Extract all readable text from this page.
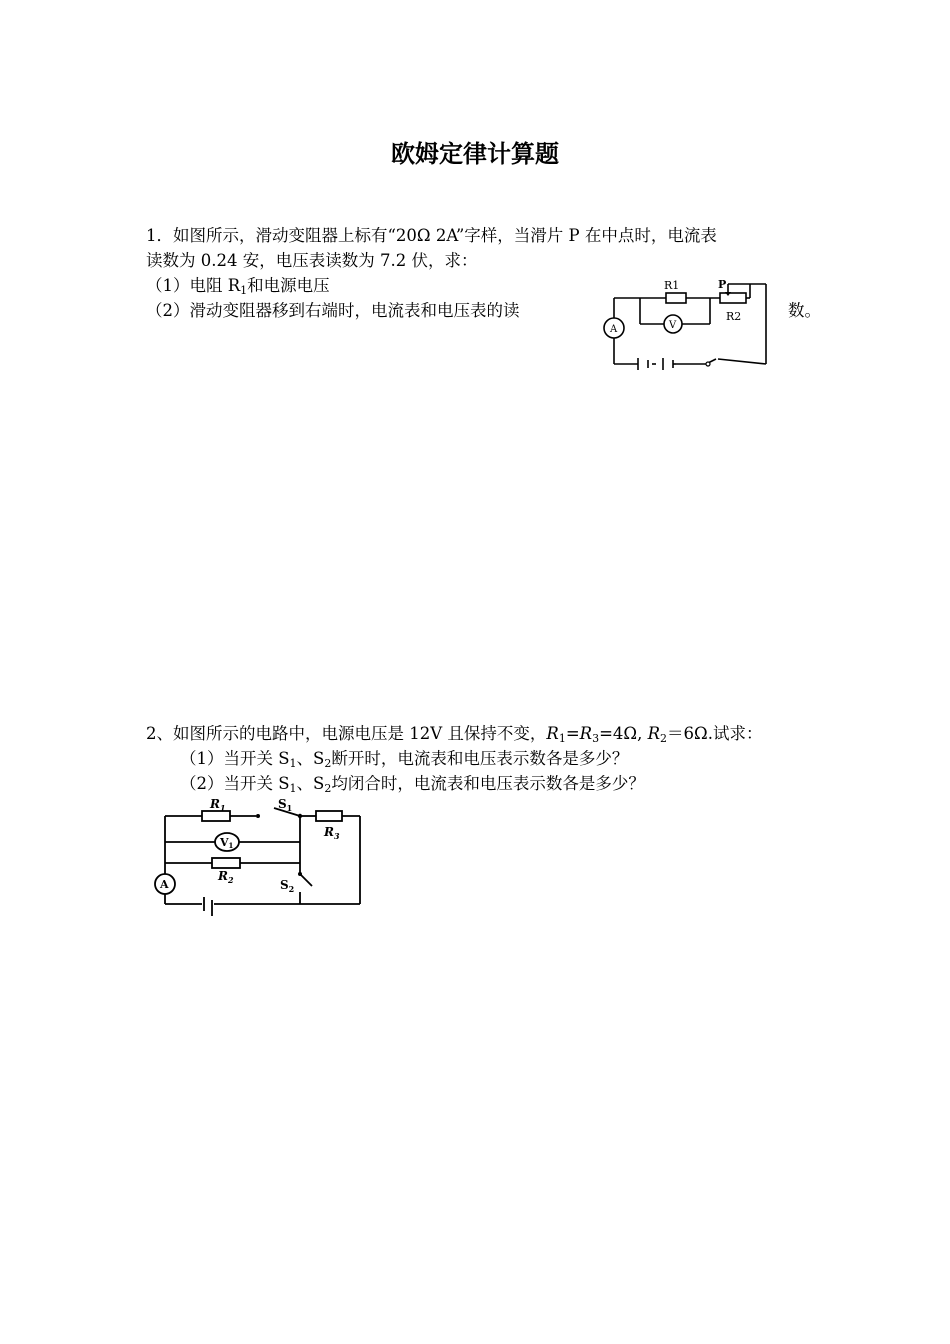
欧姆定律计算题
1．如图所示，滑动变阻器上标有“20Ω 2A”字样，当滑片 P 在中点时，电流表
读数为 0.24 安，电压表读数为 7.2 伏，求：
（1）电阻 $R_1$和电源电压
（2）滑动变阻器移到右端时，电流表和电压表的读	数。
R1	P
R2
V
A
2、如图所示的电路中，电源电压是 12V 且保持不变，$R_1=R_3=4\Omega$, $R_2=6\Omega$.试求：
（1）当开关 $S_1$、$S_2$断开时，电流表和电压表示数各是多少？
（2）当开关 $S_1$、$S_2$均闭合时，电流表和电压表示数各是多少？
$R_1$	$S_1$
$R_3$
$R_2$	$S_2$
V1
A
